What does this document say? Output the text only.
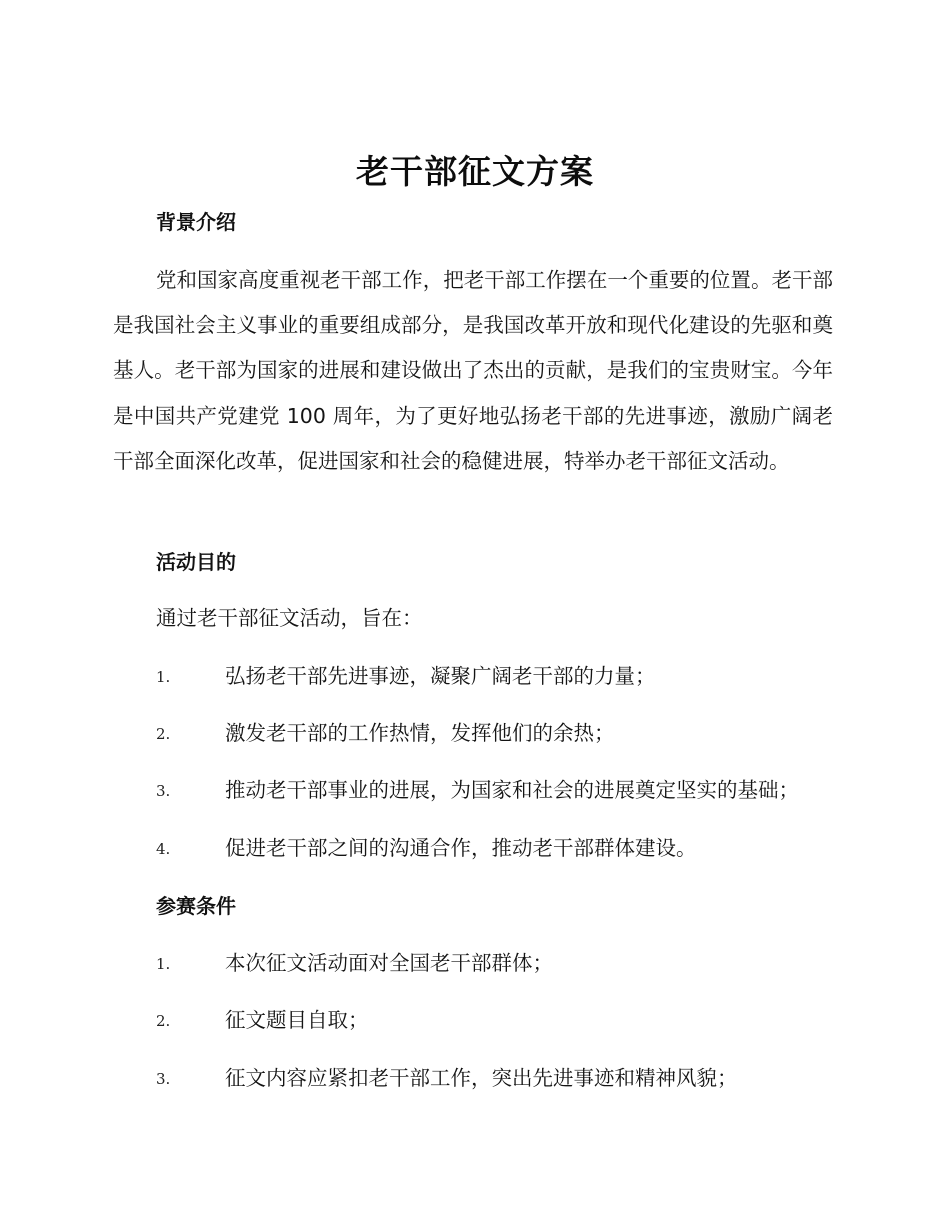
老干部征文方案
背景介绍
党和国家高度重视老干部工作，把老干部工作摆在一个重要的位置。老干部是我国社会主义事业的重要组成部分，是我国改革开放和现代化建设的先驱和奠基人。老干部为国家的进展和建设做出了杰出的贡献，是我们的宝贵财宝。今年是中国共产党建党 100 周年，为了更好地弘扬老干部的先进事迹，激励广阔老干部全面深化改革，促进国家和社会的稳健进展，特举办老干部征文活动。
活动目的
通过老干部征文活动，旨在：
1.	弘扬老干部先进事迹，凝聚广阔老干部的力量；
2.	激发老干部的工作热情，发挥他们的余热；
3.	推动老干部事业的进展，为国家和社会的进展奠定坚实的基础；
4.	促进老干部之间的沟通合作，推动老干部群体建设。
参赛条件
1.	本次征文活动面对全国老干部群体；
2.	征文题目自取；
3.	征文内容应紧扣老干部工作，突出先进事迹和精神风貌；
